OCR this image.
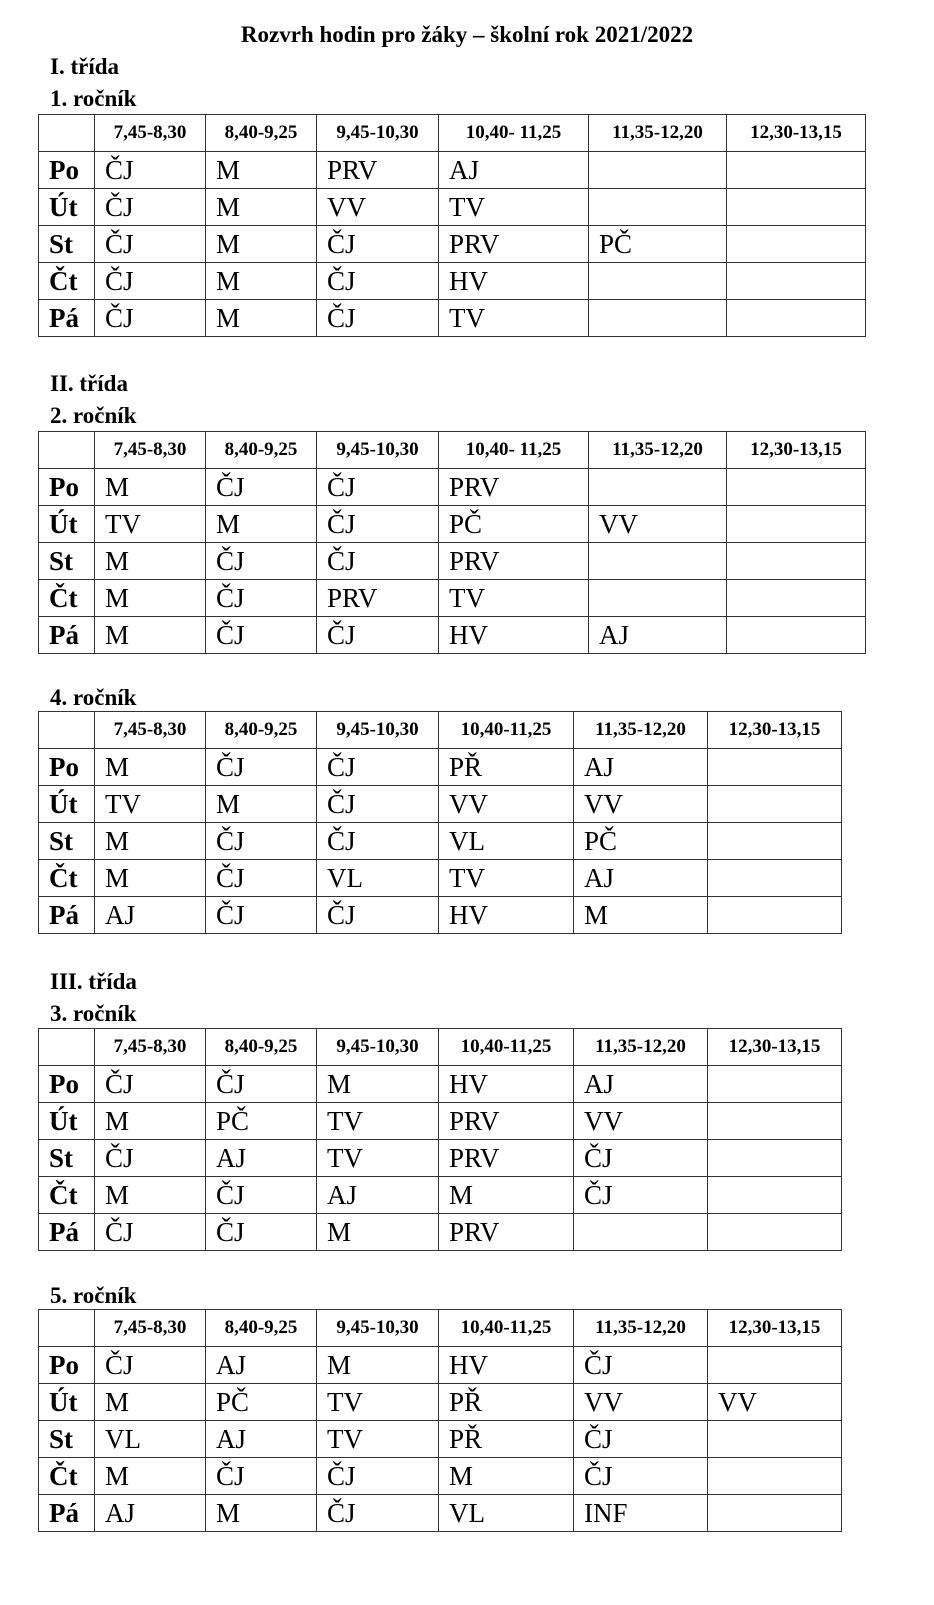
Rozvrh hodin pro žáky – školní rok 2021/2022
I. třída
1. ročník
	7,45-8,30	8,40-9,25	9,45-10,30	10,40- 11,25	11,35-12,20	12,30-13,15
Po	ČJ	M	PRV	AJ		
Út	ČJ	M	VV	TV		
St	ČJ	M	ČJ	PRV	PČ	
Čt	ČJ	M	ČJ	HV		
Pá	ČJ	M	ČJ	TV		
II. třída
2. ročník
	7,45-8,30	8,40-9,25	9,45-10,30	10,40- 11,25	11,35-12,20	12,30-13,15
Po	M	ČJ	ČJ	PRV		
Út	TV	M	ČJ	PČ	VV	
St	M	ČJ	ČJ	PRV		
Čt	M	ČJ	PRV	TV		
Pá	M	ČJ	ČJ	HV	AJ	
4. ročník
	7,45-8,30	8,40-9,25	9,45-10,30	10,40-11,25	11,35-12,20	12,30-13,15
Po	M	ČJ	ČJ	PŘ	AJ	
Út	TV	M	ČJ	VV	VV	
St	M	ČJ	ČJ	VL	PČ	
Čt	M	ČJ	VL	TV	AJ	
Pá	AJ	ČJ	ČJ	HV	M	
III. třída
3. ročník
	7,45-8,30	8,40-9,25	9,45-10,30	10,40-11,25	11,35-12,20	12,30-13,15
Po	ČJ	ČJ	M	HV	AJ	
Út	M	PČ	TV	PRV	VV	
St	ČJ	AJ	TV	PRV	ČJ	
Čt	M	ČJ	AJ	M	ČJ	
Pá	ČJ	ČJ	M	PRV		
5. ročník
	7,45-8,30	8,40-9,25	9,45-10,30	10,40-11,25	11,35-12,20	12,30-13,15
Po	ČJ	AJ	M	HV	ČJ	
Út	M	PČ	TV	PŘ	VV	VV
St	VL	AJ	TV	PŘ	ČJ	
Čt	M	ČJ	ČJ	M	ČJ	
Pá	AJ	M	ČJ	VL	INF	
